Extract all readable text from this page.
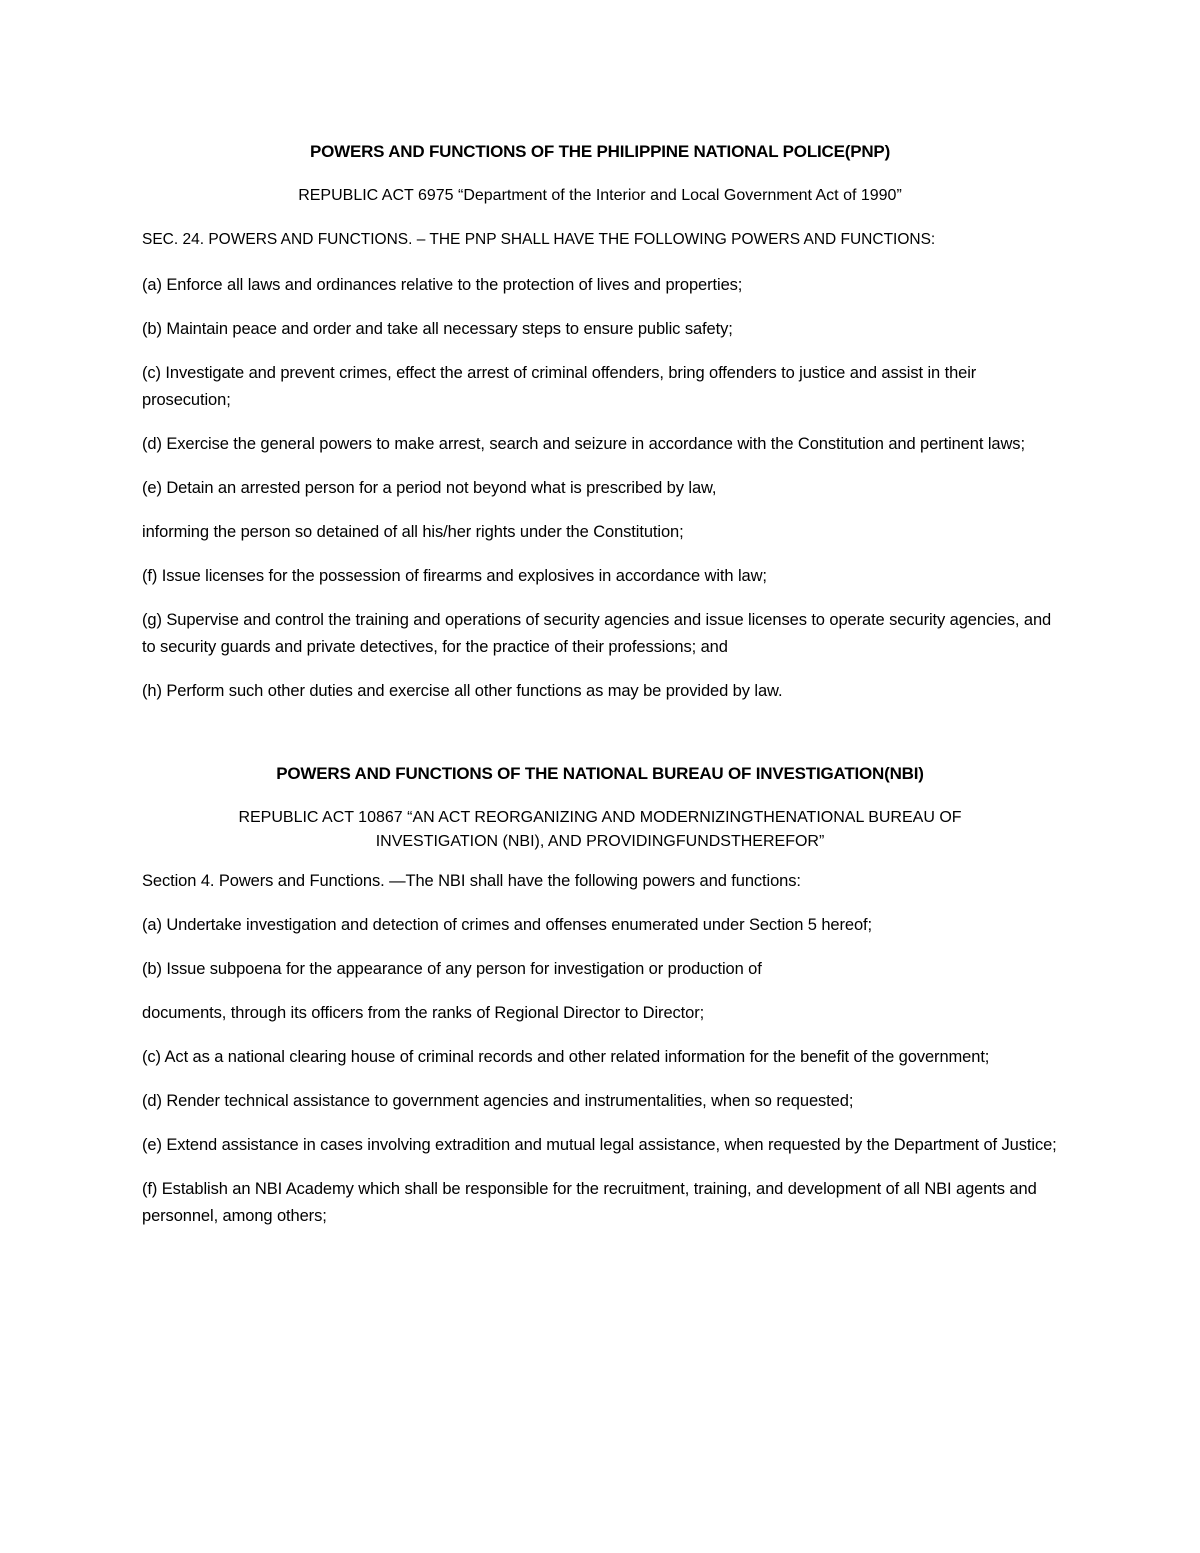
POWERS AND FUNCTIONS OF THE PHILIPPINE NATIONAL POLICE(PNP)
REPUBLIC ACT 6975 “Department of the Interior and Local Government Act of 1990”
SEC. 24. POWERS AND FUNCTIONS. – THE PNP SHALL HAVE THE FOLLOWING POWERS AND FUNCTIONS:
(a) Enforce all laws and ordinances relative to the protection of lives and properties;
(b) Maintain peace and order and take all necessary steps to ensure public safety;
(c) Investigate and prevent crimes, effect the arrest of criminal offenders, bring offenders to justice and assist in their prosecution;
(d) Exercise the general powers to make arrest, search and seizure in accordance with the Constitution and pertinent laws;
(e) Detain an arrested person for a period not beyond what is prescribed by law,
informing the person so detained of all his/her rights under the Constitution;
(f) Issue licenses for the possession of firearms and explosives in accordance with law;
(g) Supervise and control the training and operations of security agencies and issue licenses to operate security agencies, and to security guards and private detectives, for the practice of their professions; and
(h) Perform such other duties and exercise all other functions as may be provided by law.
POWERS AND FUNCTIONS OF THE NATIONAL BUREAU OF INVESTIGATION(NBI)
REPUBLIC ACT 10867 “AN ACT REORGANIZING AND MODERNIZINGTHENATIONAL BUREAU OF
INVESTIGATION (NBI), AND PROVIDINGFUNDSTHEREFOR”
Section 4. Powers and Functions. —The NBI shall have the following powers and functions:
(a) Undertake investigation and detection of crimes and offenses enumerated under Section 5 hereof;
(b) Issue subpoena for the appearance of any person for investigation or production of
documents, through its officers from the ranks of Regional Director to Director;
(c) Act as a national clearing house of criminal records and other related information for the benefit of the government;
(d) Render technical assistance to government agencies and instrumentalities, when so requested;
(e) Extend assistance in cases involving extradition and mutual legal assistance, when requested by the Department of Justice;
(f) Establish an NBI Academy which shall be responsible for the recruitment, training, and development of all NBI agents and personnel, among others;
